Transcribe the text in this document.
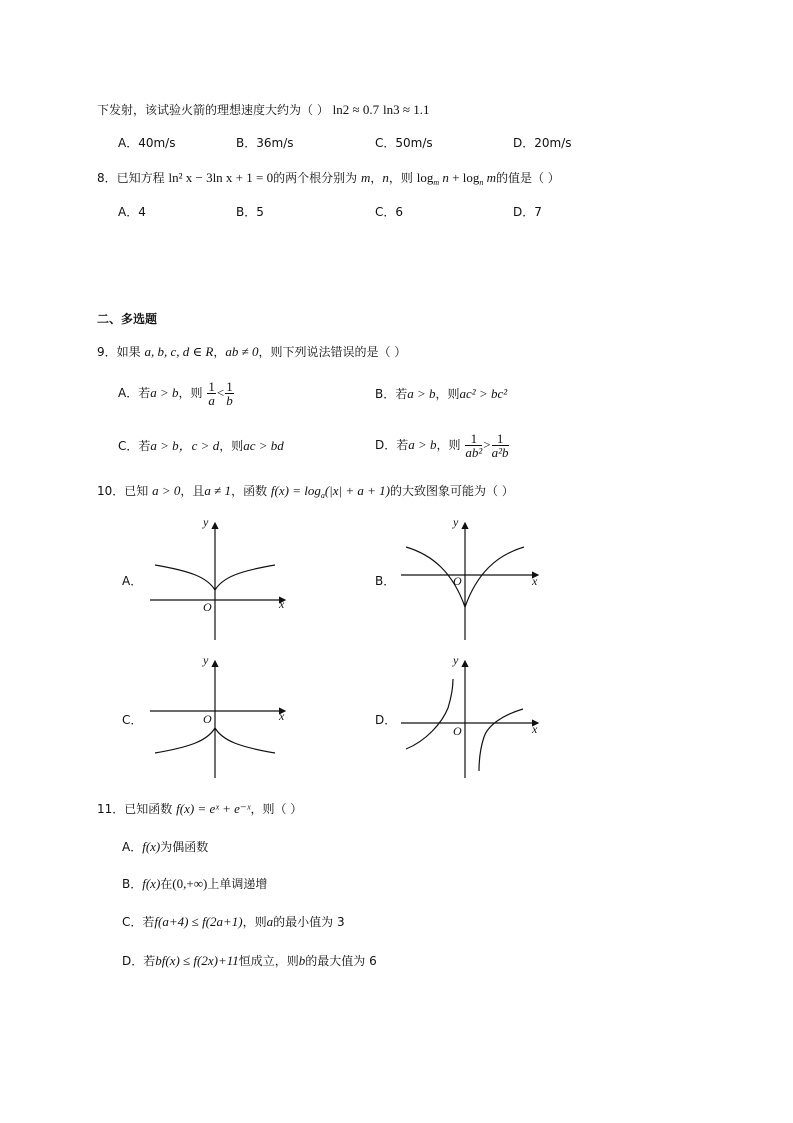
下发射，该试验火箭的理想速度大约为（ ） ln2 ≈ 0.7 ln3 ≈ 1.1
A．40m/s	B．36m/s	C．50m/s	D．20m/s
8．已知方程 ln² x − 3ln x + 1 = 0的两个根分别为 m，n，则 $\log_m n + \log_n m$的值是（ ）
A．4	B．5	C．6	D．7
二、多选题
9．如果 a, b, c, d ∈ R，ab ≠ 0，则下列说法错误的是（ ）
A．若a > b，则 $\frac{1}{a} < \frac{1}{b}$	B．若a > b，则ac² > bc²
C．若a > b，c > d，则ac > bd	D．若a > b，则 $\frac{1}{\text{ab²}} > \frac{1}{\text{a²b}}$
10．已知 a > 0，且a ≠ 1，函数 $f(x) = \log_a(|x| + a + 1)$的大致图象可能为（ ）
A．	B．
C．	D．
O	x
y
O	x
y
O	x
y
O	x
y
11．已知函数 f(x) = eˣ + e⁻ˣ，则（ ）
A．f(x)为偶函数
B．f(x)在(0,+∞)上单调递增
C．若f(a+4) ≤ f(2a+1)，则a的最小值为 3
D．若bf(x) ≤ f(2x)+11恒成立，则b的最大值为 6
